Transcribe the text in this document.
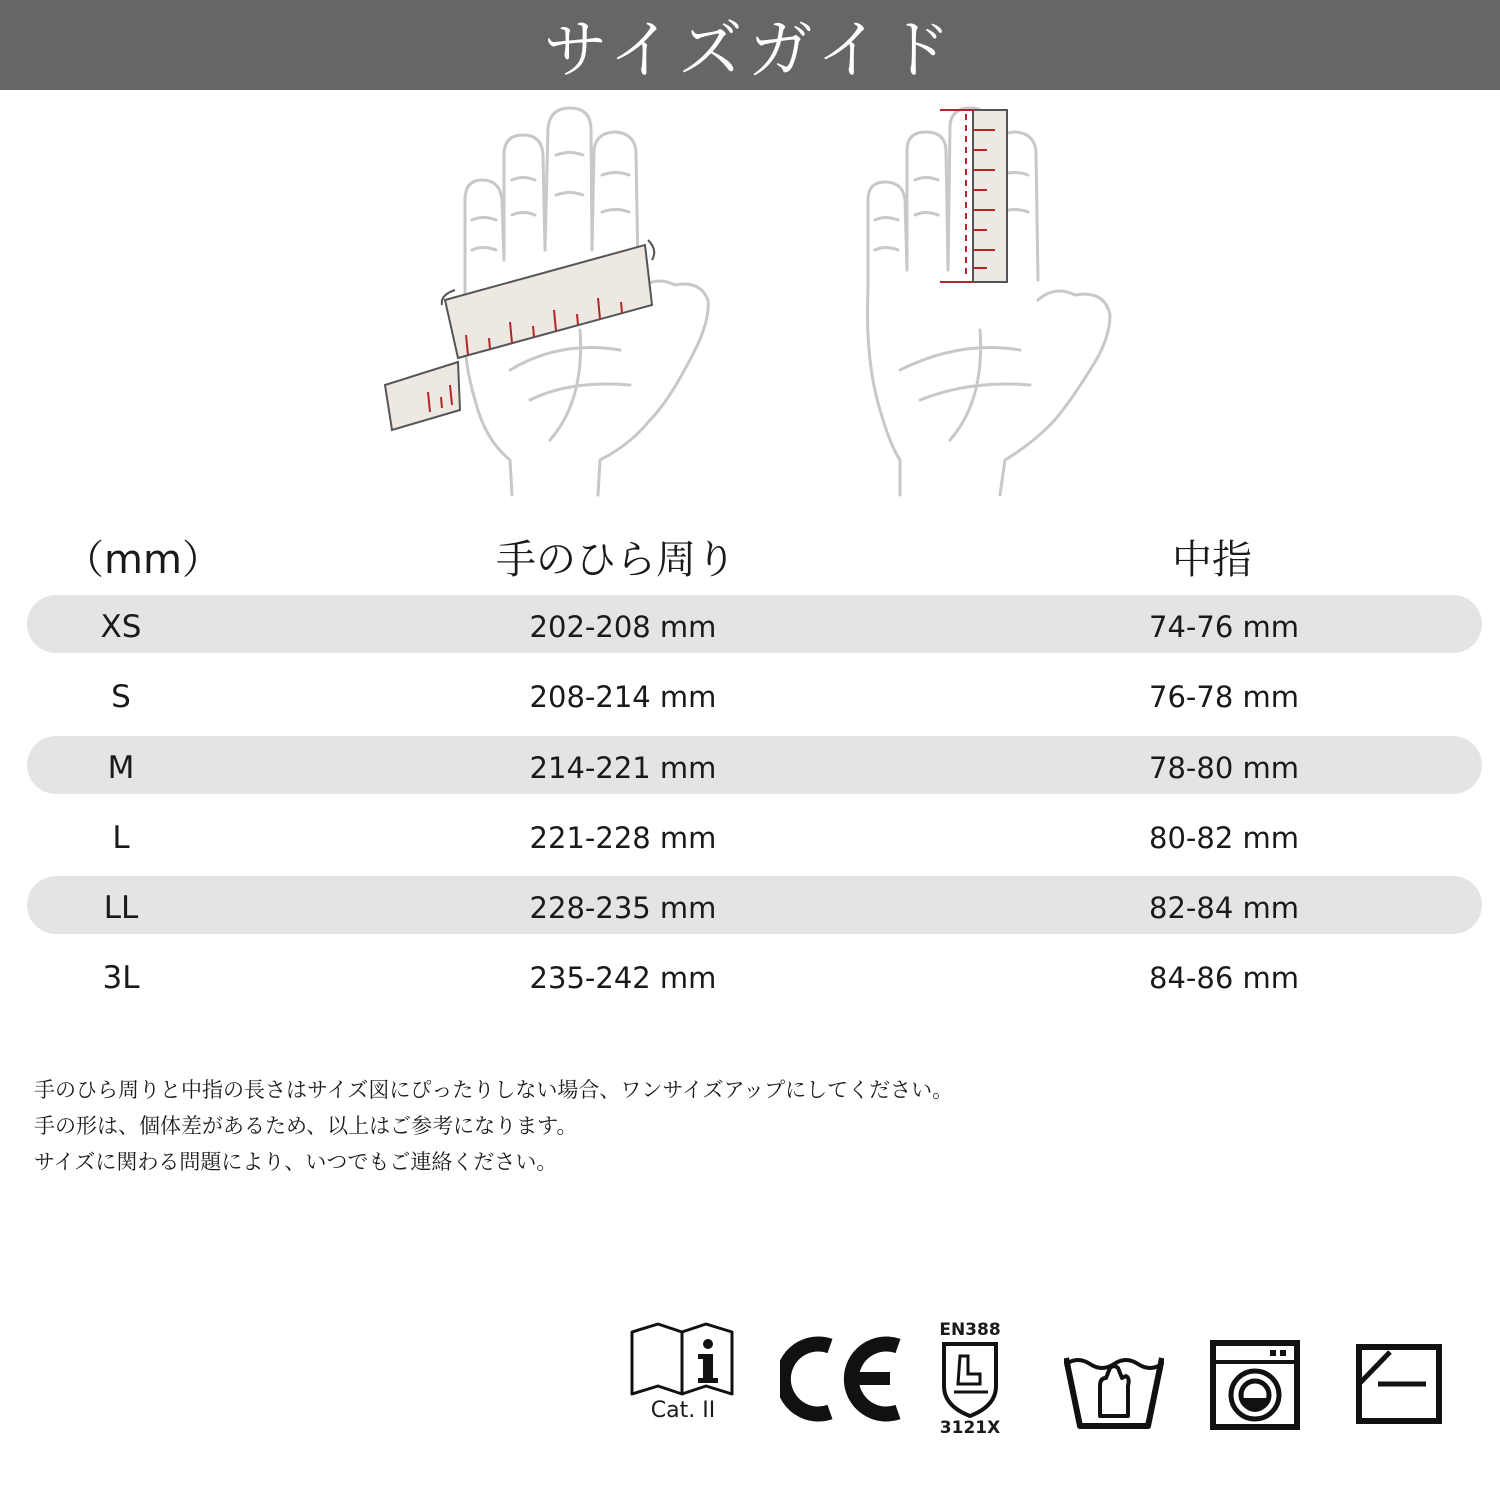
サイズガイド
（mm）	手のひら周り	中指
XS	202-208 mm	74-76 mm
S	208-214 mm	76-78 mm
M	214-221 mm	78-80 mm
L	221-228 mm	80-82 mm
LL	228-235 mm	82-84 mm
3L	235-242 mm	84-86 mm
手のひら周りと中指の長さはサイズ図にぴったりしない場合、ワンサイズアップにしてください。
手の形は、個体差があるため、以上はご参考になります。
サイズに関わる問題により、いつでもご連絡ください。
Cat. II
EN388
3121X
